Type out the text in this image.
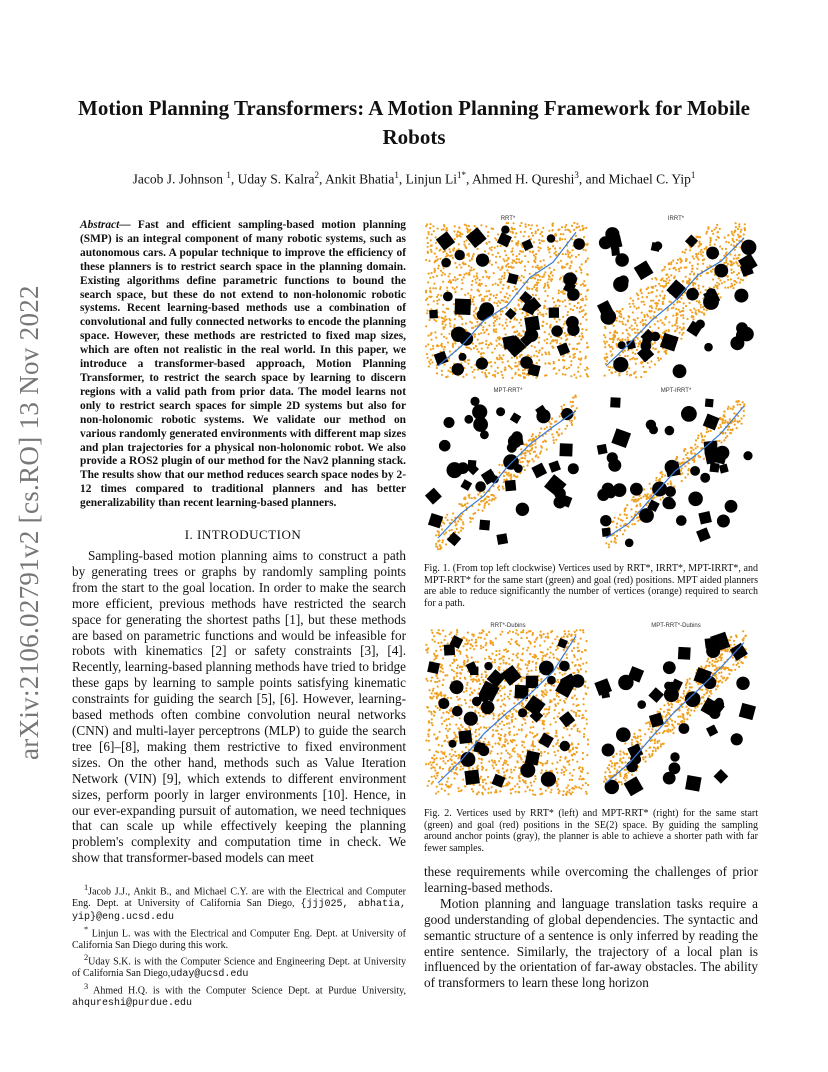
Motion Planning Transformers: A Motion Planning Framework for Mobile Robots
Jacob J. Johnson $^1$, Uday S. Kalra$^2$, Ankit Bhatia$^1$, Linjun $Li^{1*}$, Ahmed H. Qureshi$^3$, and Michael C. Yip$^1$
arXiv:2106.02791v2 [cs.RO] 13 Nov 2022
Abstract— Fast and efficient sampling-based motion planning (SMP) is an integral component of many robotic systems, such as autonomous cars. A popular technique to improve the efficiency of these planners is to restrict search space in the planning domain. Existing algorithms define parametric functions to bound the search space, but these do not extend to non-holonomic robotic systems. Recent learning-based methods use a combination of convolutional and fully connected networks to encode the planning space. However, these methods are restricted to fixed map sizes, which are often not realistic in the real world. In this paper, we introduce a transformer-based approach, Motion Planning Transformer, to restrict the search space by learning to discern regions with a valid path from prior data. The model learns not only to restrict search spaces for simple 2D systems but also for non-holonomic robotic systems. We validate our method on various randomly generated environments with different map sizes and plan trajectories for a physical non-holonomic robot. We also provide a ROS2 plugin of our method for the Nav2 planning stack. The results show that our method reduces search space nodes by 2-12 times compared to traditional planners and has better generalizability than recent learning-based planners.
I. INTRODUCTION
Sampling-based motion planning aims to construct a path by generating trees or graphs by randomly sampling points from the start to the goal location. In order to make the search more efficient, previous methods have restricted the search space for generating the shortest paths [1], but these methods are based on parametric functions and would be infeasible for robots with kinematics [2] or safety constraints [3], [4]. Recently, learning-based planning methods have tried to bridge these gaps by learning to sample points satisfying kinematic constraints for guiding the search [5], [6]. However, learning-based methods often combine convolution neural networks (CNN) and multi-layer perceptrons (MLP) to guide the search tree [6]–[8], making them restrictive to fixed environment sizes. On the other hand, methods such as Value Iteration Network (VIN) [9], which extends to different environment sizes, perform poorly in larger environments [10]. Hence, in our ever-expanding pursuit of automation, we need techniques that can scale up while effectively keeping the planning problem's complexity and computation time in check. We show that transformer-based models can meet

$^1$Jacob J.J., Ankit B., and Michael C.Y. are with the Electrical and Computer Eng. Dept. at University of California San Diego, {jjj025, abhatia, yip}@eng.ucsd.edu

* Linjun L. was with the Electrical and Computer Eng. Dept. at University of California San Diego during this work.

$^2$Uday S.K. is with the Computer Science and Engineering Dept. at University of California San Diego,uday@ucsd.edu

$^3$ Ahmed H.Q. is with the Computer Science Dept. at Purdue University, ahqureshi@purdue.edu

RRT*	IRRT*
MPT-RRT*	MPT-IRRT*
Fig. 1. (From top left clockwise) Vertices used by RRT*, IRRT*, MPT-IRRT*, and MPT-RRT* for the same start (green) and goal (red) positions. MPT aided planners are able to reduce significantly the number of vertices (orange) required to search for a path.
RRT*-Dubins	MPT-RRT*-Dubins
Fig. 2. Vertices used by RRT* (left) and MPT-RRT* (right) for the same start (green) and goal (red) positions in the SE(2) space. By guiding the sampling around anchor points (gray), the planner is able to achieve a shorter path with far fewer samples.

these requirements while overcoming the challenges of prior learning-based methods.

Motion planning and language translation tasks require a good understanding of global dependencies. The syntactic and semantic structure of a sentence is only inferred by reading the entire sentence. Similarly, the trajectory of a local plan is influenced by the orientation of far-away obstacles. The ability of transformers to learn these long horizon
